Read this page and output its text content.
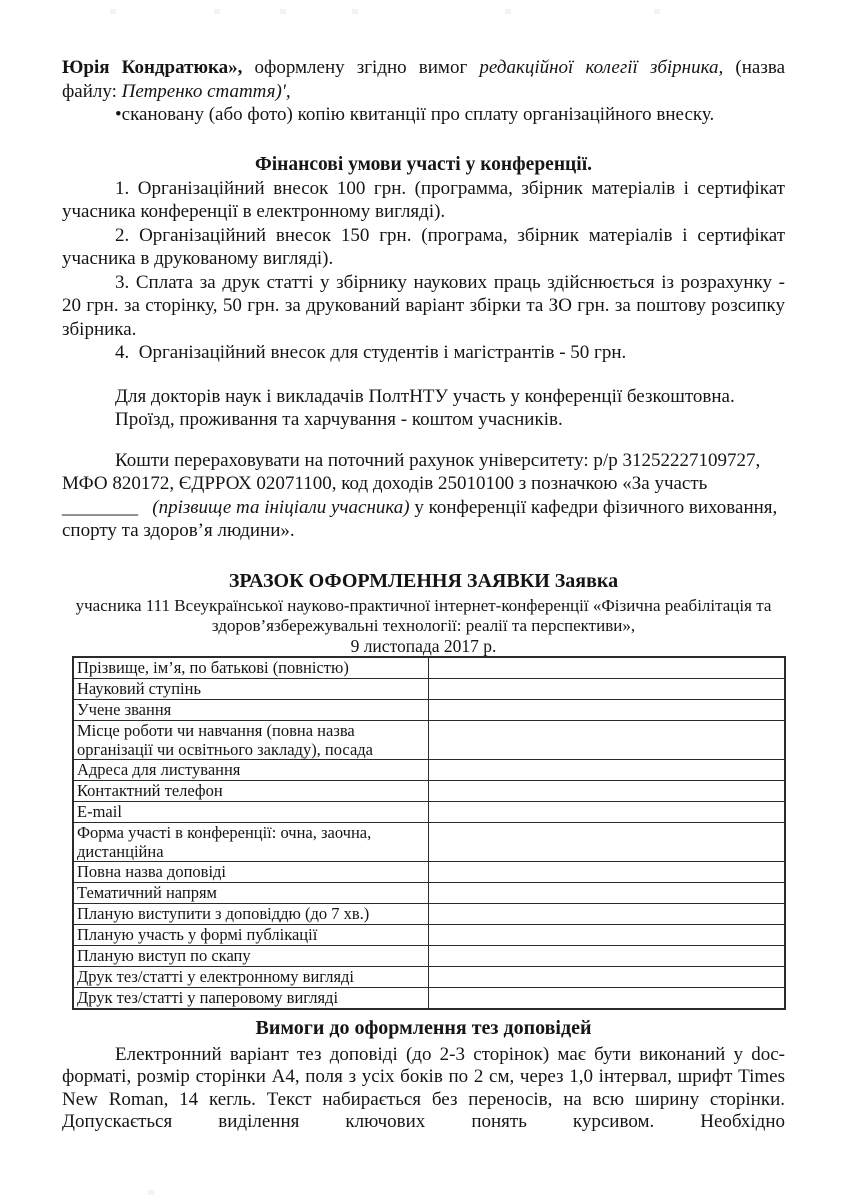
Юрія Кондратюка», оформлену згідно вимог редакційної колегії збірника, (назва файлу: Петренко стаття)',

•скановану (або фото) копію квитанції про сплату організаційного внеску.

Фінансові умови участі у конференції.

1. Організаційний внесок 100 грн. (программа, збірник матеріалів і сертифікат учасника конференції в електронному вигляді).

2. Організаційний внесок 150 грн. (програма, збірник матеріалів і сертифікат учасника в друкованому вигляді).

3. Сплата за друк статті у збірнику наукових праць здійснюється із розрахунку - 20 грн. за сторінку, 50 грн. за друкований варіант збірки та ЗО грн. за поштову розсипку збірника.

4.  Організаційний внесок для студентів і магістрантів - 50 грн.

Для докторів наук і викладачів ПолтНТУ участь у конференції безкоштовна.

Проїзд, проживання та харчування - коштом учасників.

Кошти перераховувати на поточний рахунок університету: р/р 31252227109727, МФО 820172, ЄДРРОХ 02071100, код доходів 25010100 з позначкою «За участь ________   (прізвище та ініціали учасника) у конференції кафедри фізичного виховання, спорту та здоров’я людини».

ЗРАЗОК ОФОРМЛЕННЯ ЗАЯВКИ Заявка
учасника 111 Всеукраїнської науково-практичної інтернет-конференції «Фізична реабілітація та
здоров’язбережувальні технології: реалії та перспективи»,
9 листопада 2017 р.
Прізвище, ім’я, по батькові (повністю)	
Науковий ступінь	
Учене звання	
Місце роботи чи навчання (повна назва організації чи освітнього закладу), посада	
Адреса для листування	
Контактний телефон	
E-mail	
Форма участі в конференції: очна, заочна, дистанційна	
Повна назва доповіді	
Тематичний напрям	
Планую виступити з доповіддю (до 7 хв.)	
Планую участь у формі публікації	
Планую виступ по скапу	
Друк тез/статті у електронному вигляді	
Друк тез/статті у паперовому вигляді	
Вимоги до оформлення тез доповідей

Електронний варіант тез доповіді (до 2-3 сторінок) має бути виконаний у doc-форматі, розмір сторінки А4, поля з усіх боків по 2 см, через 1,0 інтервал, шрифт Times New Roman, 14 кегль. Текст набирається без переносів, на всю ширину сторінки. Допускається виділення ключових понять курсивом. Необхідно
